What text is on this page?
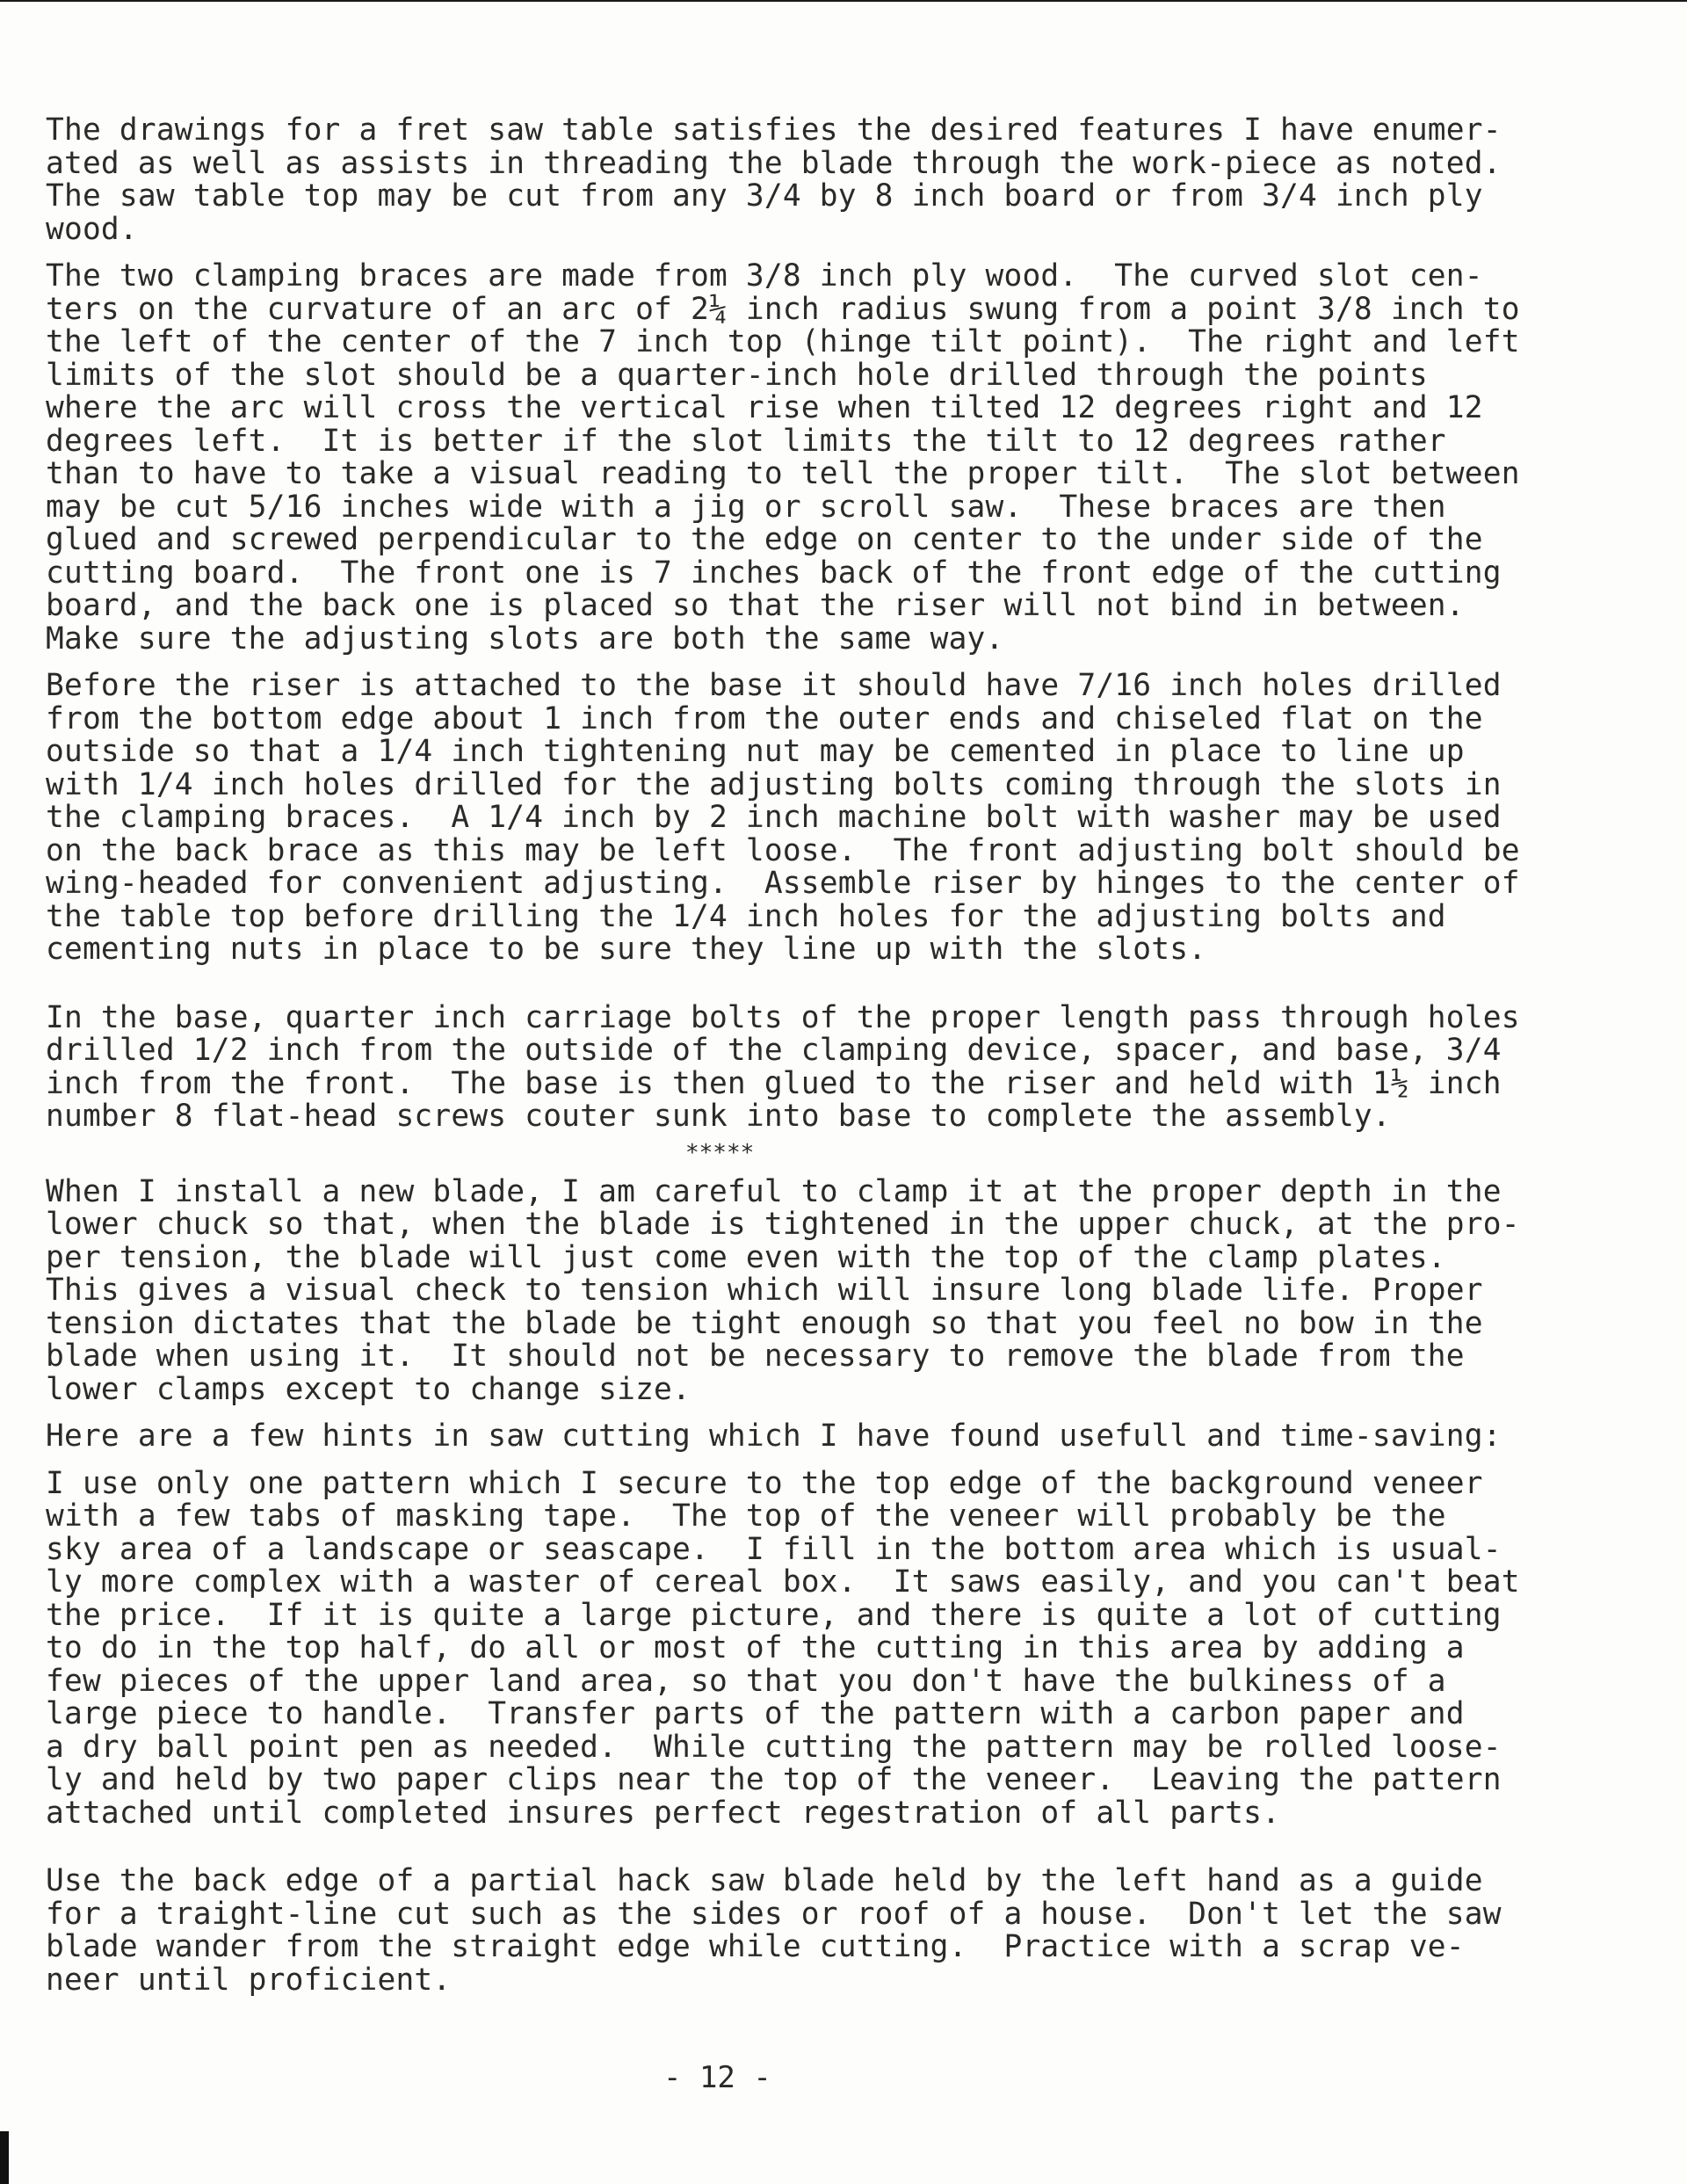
The drawings for a fret saw table satisfies the desired features I have enumer-
ated as well as assists in threading the blade through the work-piece as noted.
The saw table top may be cut from any 3/4 by 8 inch board or from 3/4 inch ply
wood.

The two clamping braces are made from 3/8 inch ply wood.  The curved slot cen-
ters on the curvature of an arc of 2¼ inch radius swung from a point 3/8 inch to
the left of the center of the 7 inch top (hinge tilt point).  The right and left
limits of the slot should be a quarter-inch hole drilled through the points
where the arc will cross the vertical rise when tilted 12 degrees right and 12
degrees left.  It is better if the slot limits the tilt to 12 degrees rather
than to have to take a visual reading to tell the proper tilt.  The slot between
may be cut 5/16 inches wide with a jig or scroll saw.  These braces are then
glued and screwed perpendicular to the edge on center to the under side of the
cutting board.  The front one is 7 inches back of the front edge of the cutting
board, and the back one is placed so that the riser will not bind in between.
Make sure the adjusting slots are both the same way.

Before the riser is attached to the base it should have 7/16 inch holes drilled
from the bottom edge about 1 inch from the outer ends and chiseled flat on the
outside so that a 1/4 inch tightening nut may be cemented in place to line up
with 1/4 inch holes drilled for the adjusting bolts coming through the slots in
the clamping braces.  A 1/4 inch by 2 inch machine bolt with washer may be used
on the back brace as this may be left loose.  The front adjusting bolt should be
wing-headed for convenient adjusting.  Assemble riser by hinges to the center of
the table top before drilling the 1/4 inch holes for the adjusting bolts and
cementing nuts in place to be sure they line up with the slots.

In the base, quarter inch carriage bolts of the proper length pass through holes
drilled 1/2 inch from the outside of the clamping device, spacer, and base, 3/4
inch from the front.  The base is then glued to the riser and held with 1½ inch
number 8 flat-head screws couter sunk into base to complete the assembly.

*****

When I install a new blade, I am careful to clamp it at the proper depth in the
lower chuck so that, when the blade is tightened in the upper chuck, at the pro-
per tension, the blade will just come even with the top of the clamp plates.
This gives a visual check to tension which will insure long blade life. Proper
tension dictates that the blade be tight enough so that you feel no bow in the
blade when using it.  It should not be necessary to remove the blade from the
lower clamps except to change size.

Here are a few hints in saw cutting which I have found usefull and time-saving:

I use only one pattern which I secure to the top edge of the background veneer
with a few tabs of masking tape.  The top of the veneer will probably be the
sky area of a landscape or seascape.  I fill in the bottom area which is usual-
ly more complex with a waster of cereal box.  It saws easily, and you can't beat
the price.  If it is quite a large picture, and there is quite a lot of cutting
to do in the top half, do all or most of the cutting in this area by adding a
few pieces of the upper land area, so that you don't have the bulkiness of a
large piece to handle.  Transfer parts of the pattern with a carbon paper and
a dry ball point pen as needed.  While cutting the pattern may be rolled loose-
ly and held by two paper clips near the top of the veneer.  Leaving the pattern
attached until completed insures perfect regestration of all parts.

Use the back edge of a partial hack saw blade held by the left hand as a guide
for a traight-line cut such as the sides or roof of a house.  Don't let the saw
blade wander from the straight edge while cutting.  Practice with a scrap ve-
neer until proficient.

- 12 -
